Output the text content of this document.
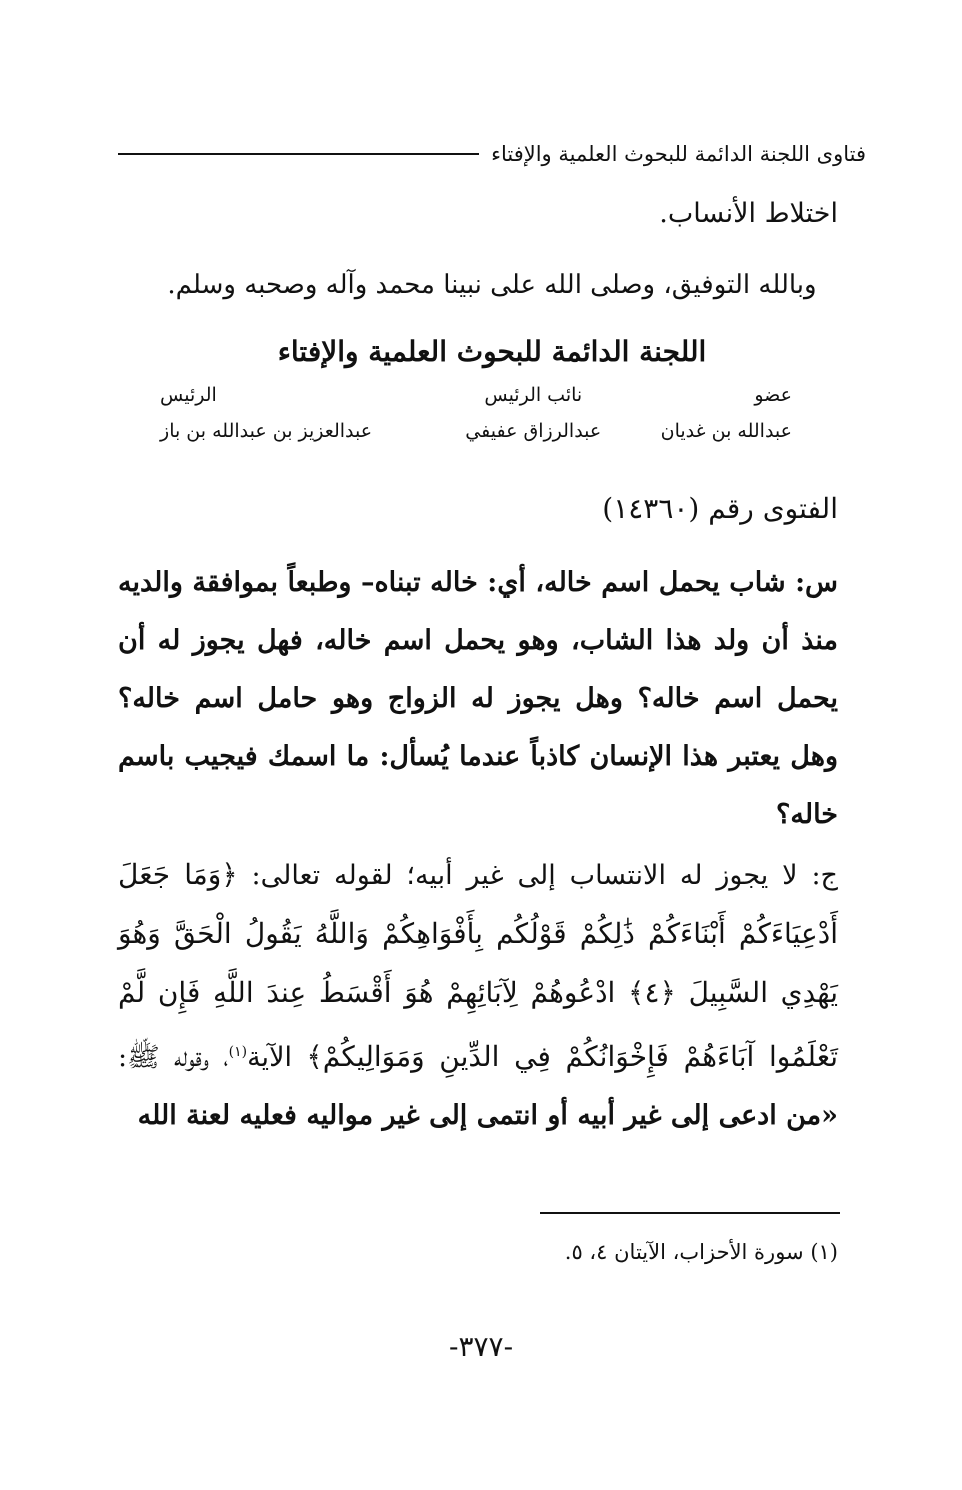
فتاوى اللجنة الدائمة للبحوث العلمية والإفتاء
اختلاط الأنساب.
وبالله التوفيق، وصلى الله على نبينا محمد وآله وصحبه وسلم.
اللجنة الدائمة للبحوث العلمية والإفتاء
عضو
نائب الرئيس
الرئيس
عبدالله بن غديان
عبدالرزاق عفيفي
عبدالعزيز بن عبدالله بن باز
الفتوى رقم (١٤٣٦٠)
س: شاب يحمل اسم خاله، أي: خاله تبناه– وطبعاً بموافقة والديه منذ أن ولد هذا الشاب، وهو يحمل اسم خاله، فهل يجوز له أن يحمل اسم خاله؟ وهل يجوز له الزواج وهو حامل اسم خاله؟ وهل يعتبر هذا الإنسان كاذباً عندما يُسأل: ما اسمك فيجيب باسم خاله؟
ج: لا يجوز له الانتساب إلى غير أبيه؛ لقوله تعالى: ﴿وَمَا جَعَلَ أَدْعِيَاءَكُمْ أَبْنَاءَكُمْ ذَٰلِكُمْ قَوْلُكُم بِأَفْوَاهِكُمْ وَاللَّهُ يَقُولُ الْحَقَّ وَهُوَ يَهْدِي السَّبِيلَ ﴿٤﴾ ادْعُوهُمْ لِآبَائِهِمْ هُوَ أَقْسَطُ عِندَ اللَّهِ فَإِن لَّمْ تَعْلَمُوا آبَاءَهُمْ فَإِخْوَانُكُمْ فِي الدِّينِ وَمَوَالِيكُمْ﴾ الآية$^{(١)}$، وقوله ﷺ: «من ادعى إلى غير أبيه أو انتمى إلى غير مواليه فعليه لعنة الله
(١) سورة الأحزاب، الآيتان ٤، ٥.
-٣٧٧-
